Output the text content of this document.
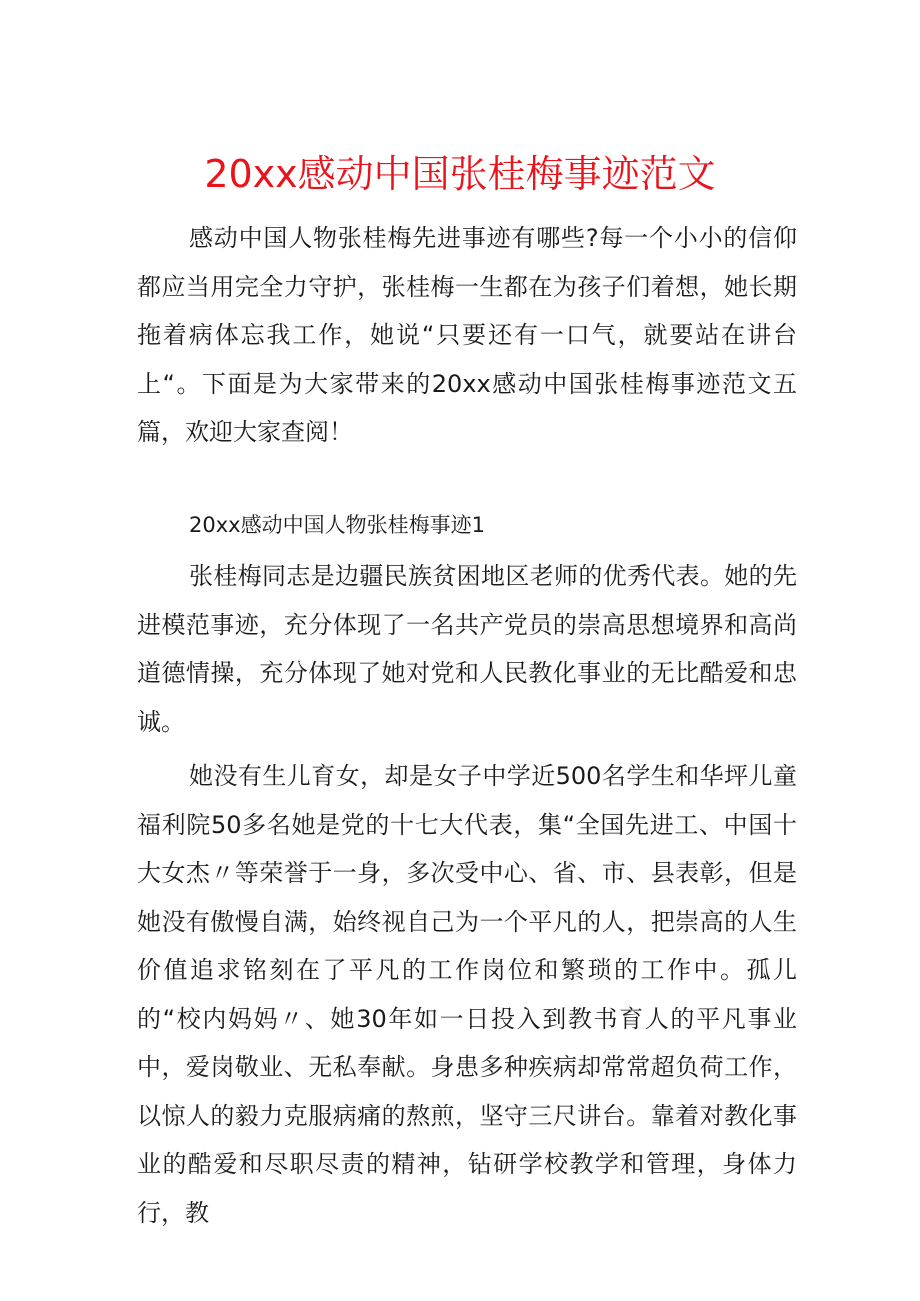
20xx感动中国张桂梅事迹范文

感动中国人物张桂梅先进事迹有哪些?每一个小小的信仰都应当用完全力守护，张桂梅一生都在为孩子们着想，她长期拖着病体忘我工作，她说“只要还有一口气，就要站在讲台上“。下面是为大家带来的20xx感动中国张桂梅事迹范文五篇，欢迎大家查阅！

20xx感动中国人物张桂梅事迹1

张桂梅同志是边疆民族贫困地区老师的优秀代表。她的先进模范事迹，充分体现了一名共产党员的崇高思想境界和高尚道德情操，充分体现了她对党和人民教化事业的无比酷爱和忠诚。

她没有生儿育女，却是女子中学近500名学生和华坪儿童福利院50多名她是党的十七大代表，集“全国先进工、中国十大女杰〃等荣誉于一身，多次受中心、省、市、县表彰，但是她没有傲慢自满，始终视自己为一个平凡的人，把崇高的人生价值追求铭刻在了平凡的工作岗位和繁琐的工作中。孤儿的“校内妈妈〃、她30年如一日投入到教书育人的平凡事业中，爱岗敬业、无私奉献。身患多种疾病却常常超负荷工作，以惊人的毅力克服病痛的熬煎，坚守三尺讲台。靠着对教化事业的酷爱和尽职尽责的精神，钻研学校教学和管理，身体力行，教
